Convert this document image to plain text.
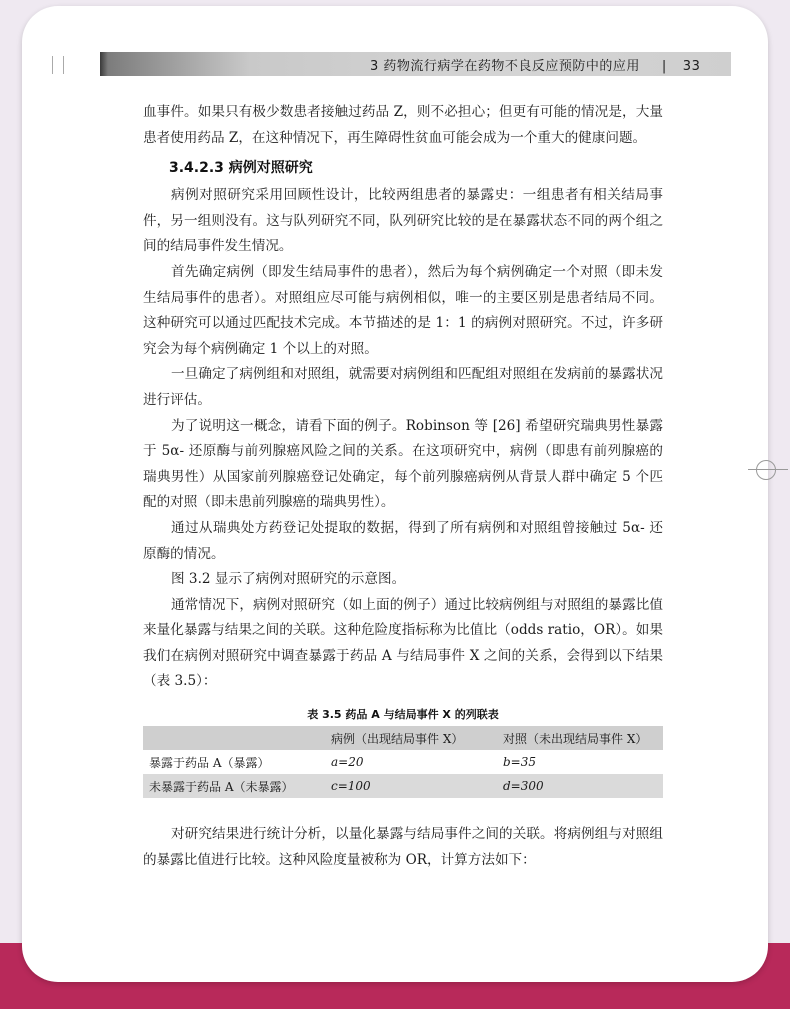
3 药物流行病学在药物不良反应预防中的应用 | 33

血事件。如果只有极少数患者接触过药品 Z，则不必担心；但更有可能的情况是，大量患者使用药品 Z，在这种情况下，再生障碍性贫血可能会成为一个重大的健康问题。

3.4.2.3 病例对照研究

病例对照研究采用回顾性设计，比较两组患者的暴露史：一组患者有相关结局事件，另一组则没有。这与队列研究不同，队列研究比较的是在暴露状态不同的两个组之间的结局事件发生情况。

首先确定病例（即发生结局事件的患者），然后为每个病例确定一个对照（即未发生结局事件的患者）。对照组应尽可能与病例相似，唯一的主要区别是患者结局不同。这种研究可以通过匹配技术完成。本节描述的是 1：1 的病例对照研究。不过，许多研究会为每个病例确定 1 个以上的对照。

一旦确定了病例组和对照组，就需要对病例组和匹配组对照组在发病前的暴露状况进行评估。

为了说明这一概念，请看下面的例子。Robinson 等 [26] 希望研究瑞典男性暴露于 5α- 还原酶与前列腺癌风险之间的关系。在这项研究中，病例（即患有前列腺癌的瑞典男性）从国家前列腺癌登记处确定，每个前列腺癌病例从背景人群中确定 5 个匹配的对照（即未患前列腺癌的瑞典男性）。

通过从瑞典处方药登记处提取的数据，得到了所有病例和对照组曾接触过 5α- 还原酶的情况。

图 3.2 显示了病例对照研究的示意图。

通常情况下，病例对照研究（如上面的例子）通过比较病例组与对照组的暴露比值来量化暴露与结果之间的关联。这种危险度指标称为比值比（odds ratio，OR）。如果我们在病例对照研究中调查暴露于药品 A 与结局事件 X 之间的关系，会得到以下结果（表 3.5）：

表 3.5 药品 A 与结局事件 X 的列联表
	病例（出现结局事件 X）	对照（未出现结局事件 X）
暴露于药品 A（暴露）	a=20	b=35
未暴露于药品 A（未暴露）	c=100	d=300

对研究结果进行统计分析，以量化暴露与结局事件之间的关联。将病例组与对照组的暴露比值进行比较。这种风险度量被称为 OR，计算方法如下：
